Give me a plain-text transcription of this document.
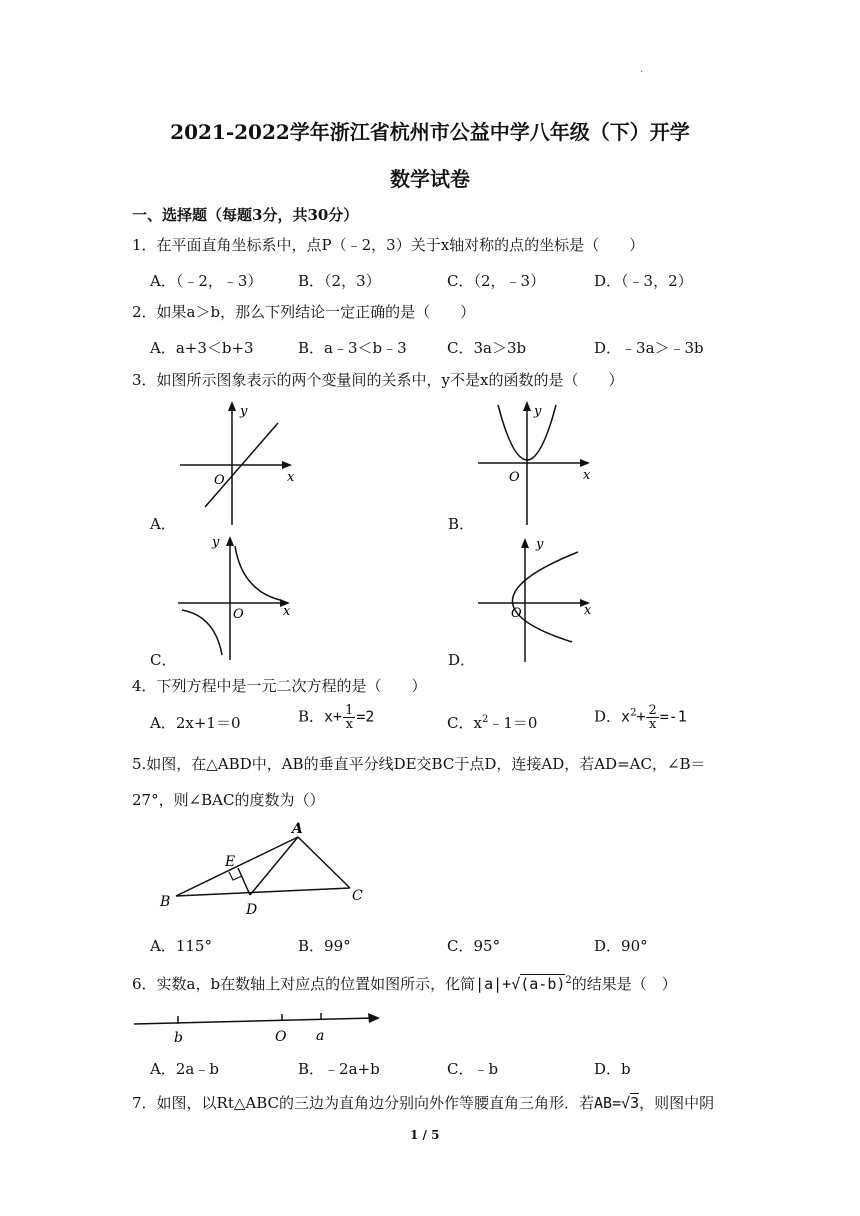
.
2021-2022学年浙江省杭州市公益中学八年级（下）开学
数学试卷
一、选择题（每题3分，共30分）
1．在平面直角坐标系中，点P（﹣2，3）关于x轴对称的点的坐标是（　　）
A．（﹣2，﹣3） B．（2，3）	C．（2，﹣3）	D．（﹣3，2）
2．如果a＞b，那么下列结论一定正确的是（　　）
A．a+3＜b+3	B．a﹣3＜b﹣3	C．3a＞3b	D．﹣3a＞﹣3b
3．如图所示图象表示的两个变量间的关系中，y不是x的函数的是（　　）
y
x
O
A．
y
x
O
B．
y
x
O
C．
y
x
O
D．
4．下列方程中是一元二次方程的是（　　）
A．2x+1＝0	B．$x+ \frac{1}{x} =2$	C．$x^2﹣1=0$	D．$x^2+ \frac{2}{x} =-1$
5.如图，在△ABD中，AB的垂直平分线DE交BC于点D，连接AD，若AD=AC，∠B＝
27°，则∠BAC的度数为（）
A
B	C
D
E
A．115°	B．99°	C．95°	D．90°
6．实数a，b在数轴上对应点的位置如图所示，化简$|a|+√(a-b)^2$的结果是（　）
b	O a
A．2a﹣b	B．﹣2a+b	C．﹣b	D．b
7．如图，以Rt△ABC的三边为直角边分别向外作等腰直角三角形．若AB=√3，则图中阴
1 / 5
